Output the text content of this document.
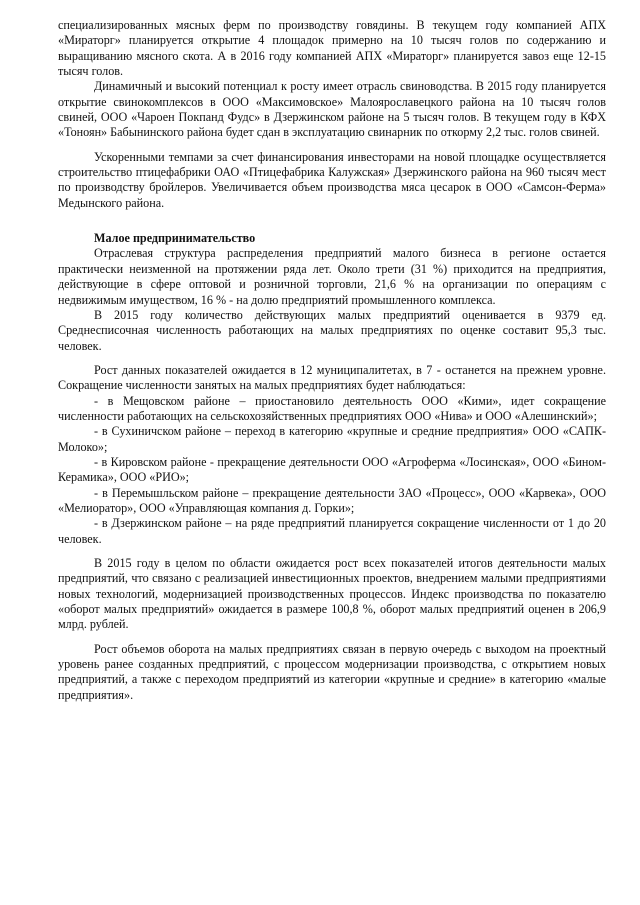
специализированных мясных ферм по производству говядины. В текущем году компанией АПХ «Мираторг» планируется открытие 4 площадок примерно на 10 тысяч голов по содержанию и выращиванию мясного скота. А в 2016 году компанией АПХ «Мираторг» планируется завоз еще 12-15 тысяч голов.

Динамичный и высокий потенциал к росту имеет отрасль свиноводства. В 2015 году планируется открытие свинокомплексов в ООО «Максимовское» Малоярославецкого района на 10 тысяч голов свиней, ООО «Чароен Покпанд Фудс» в Дзержинском районе на 5 тысяч голов. В текущем году в КФХ «Тоноян» Бабынинского района будет сдан в эксплуатацию свинарник по откорму 2,2 тыс. голов свиней.

Ускоренными темпами за счет финансирования инвесторами на новой площадке осуществляется строительство птицефабрики ОАО «Птицефабрика Калужская» Дзержинского района на 960 тысяч мест по производству бройлеров. Увеличивается объем производства мяса цесарок в ООО «Самсон-Ферма» Медынского района.

Малое предпринимательство

Отраслевая структура распределения предприятий малого бизнеса в регионе остается практически неизменной на протяжении ряда лет. Около трети (31 %) приходится на предприятия, действующие в сфере оптовой и розничной торговли, 21,6 % на организации по операциям с недвижимым имуществом, 16 % - на долю предприятий промышленного комплекса.

В 2015 году количество действующих малых предприятий оценивается в 9379 ед. Среднесписочная численность работающих на малых предприятиях по оценке составит 95,3 тыс. человек.

Рост данных показателей ожидается в 12 муниципалитетах, в 7 - останется на прежнем уровне. Сокращение численности занятых на малых предприятиях будет наблюдаться:

- в Мещовском районе – приостановило деятельность ООО «Кими», идет сокращение численности работающих на сельскохозяйственных предприятиях ООО «Нива» и ООО «Алешинский»;

- в Сухиничском районе – переход в категорию «крупные и средние предприятия» ООО «САПК-Молоко»;

- в Кировском районе - прекращение деятельности ООО «Агроферма «Лосинская», ООО «Бином-Керамика», ООО «РИО»;

- в Перемышльском районе – прекращение деятельности ЗАО «Процесс», ООО «Карвека», ООО «Мелиоратор», ООО «Управляющая компания д. Горки»;

- в Дзержинском районе – на ряде предприятий планируется сокращение численности от 1 до 20 человек.

В 2015 году в целом по области ожидается рост всех показателей итогов деятельности малых предприятий, что связано с реализацией инвестиционных проектов, внедрением малыми предприятиями новых технологий, модернизацией производственных процессов. Индекс производства по показателю «оборот малых предприятий» ожидается в размере 100,8 %, оборот малых предприятий оценен в 206,9 млрд. рублей.

Рост объемов оборота на малых предприятиях связан в первую очередь с выходом на проектный уровень ранее созданных предприятий, с процессом модернизации производства, с открытием новых предприятий, а также с переходом предприятий из категории «крупные и средние» в категорию «малые предприятия».
